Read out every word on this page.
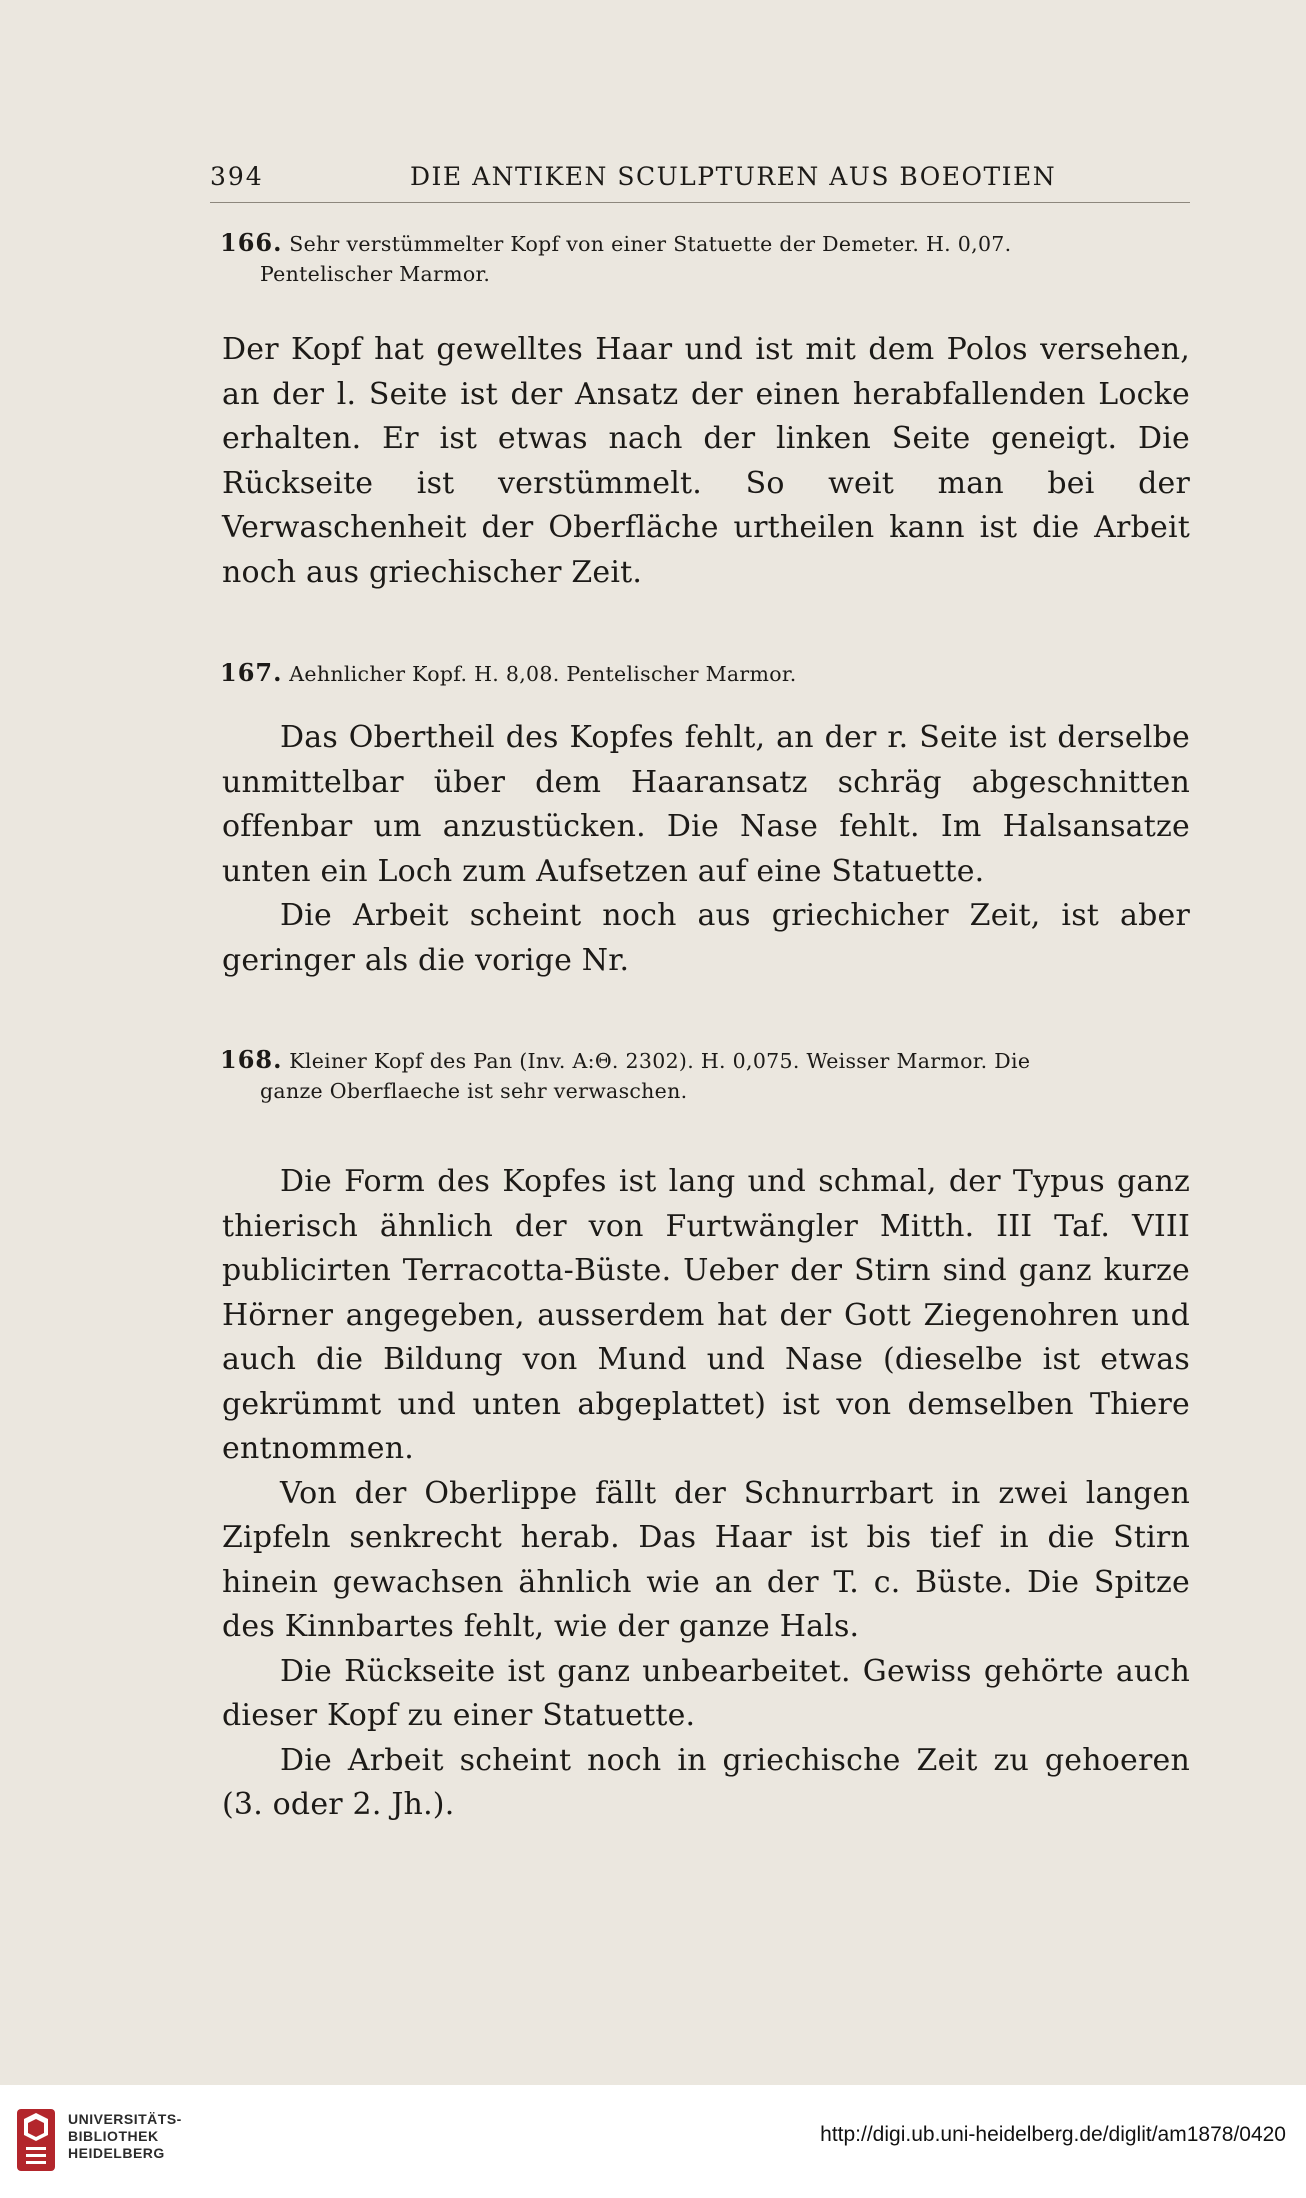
394	DIE ANTIKEN SCULPTUREN AUS BOEOTIEN
166. Sehr verstümmelter Kopf von einer Statuette der Demeter. H. 0,07.
Pentelischer Marmor.

Der Kopf hat gewelltes Haar und ist mit dem Polos versehen, an der l. Seite ist der Ansatz der einen herabfallenden Locke erhalten. Er ist etwas nach der linken Seite geneigt. Die Rückseite ist verstümmelt. So weit man bei der Verwaschenheit der Oberfläche urtheilen kann ist die Arbeit noch aus griechischer Zeit.

167. Aehnlicher Kopf. H. 8,08. Pentelischer Marmor.

Das Obertheil des Kopfes fehlt, an der r. Seite ist derselbe unmittelbar über dem Haaransatz schräg abgeschnitten offenbar um anzustücken. Die Nase fehlt. Im Halsansatze unten ein Loch zum Aufsetzen auf eine Statuette.

Die Arbeit scheint noch aus griechicher Zeit, ist aber geringer als die vorige Nr.

168. Kleiner Kopf des Pan (Inv. Α:Θ. 2302). H. 0,075. Weisser Marmor. Die
ganze Oberflaeche ist sehr verwaschen.

Die Form des Kopfes ist lang und schmal, der Typus ganz thierisch ähnlich der von Furtwängler Mitth. III Taf. VIII publicirten Terracotta-Büste. Ueber der Stirn sind ganz kurze Hörner angegeben, ausserdem hat der Gott Ziegenohren und auch die Bildung von Mund und Nase (dieselbe ist etwas gekrümmt und unten abgeplattet) ist von demselben Thiere entnommen.

Von der Oberlippe fällt der Schnurrbart in zwei langen Zipfeln senkrecht herab. Das Haar ist bis tief in die Stirn hinein gewachsen ähnlich wie an der T. c. Büste. Die Spitze des Kinnbartes fehlt, wie der ganze Hals.

Die Rückseite ist ganz unbearbeitet. Gewiss gehörte auch dieser Kopf zu einer Statuette.

Die Arbeit scheint noch in griechische Zeit zu gehoeren (3. oder 2. Jh.).

UNIVERSITÄTS-
BIBLIOTHEK
HEIDELBERG
http://digi.ub.uni-heidelberg.de/diglit/am1878/0420
